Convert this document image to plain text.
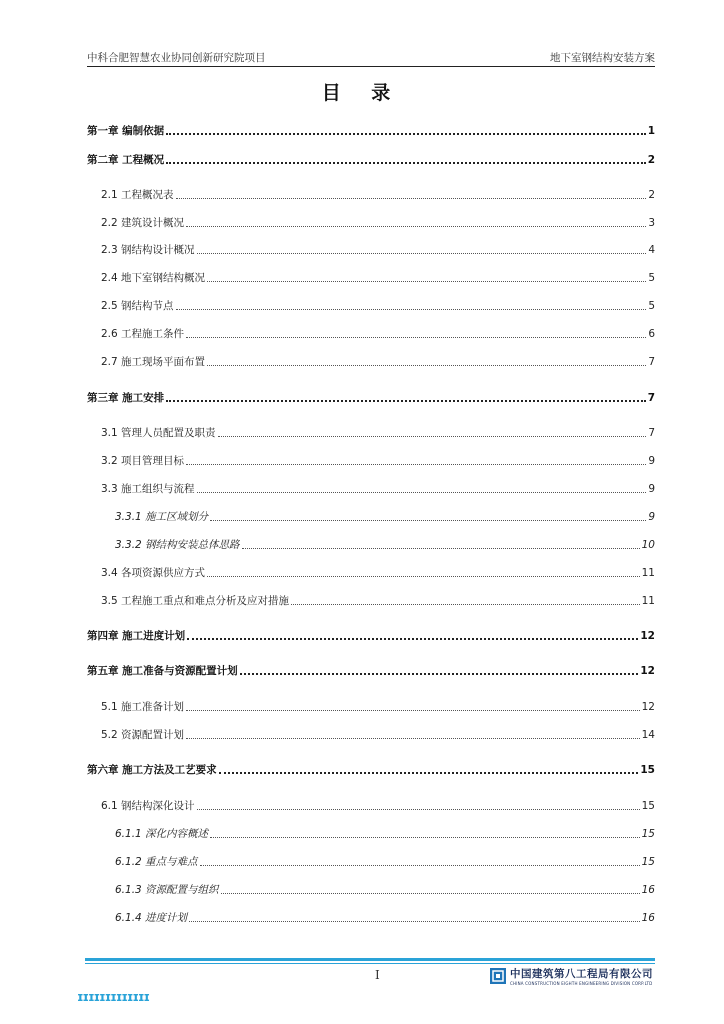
中科合肥智慧农业协同创新研究院项目	地下室钢结构安装方案
目 录
第一章 编制依据	1
第二章 工程概况	2
2.1 工程概况表	2
2.2 建筑设计概况	3
2.3 钢结构设计概况	4
2.4 地下室钢结构概况	5
2.5 钢结构节点	5
2.6 工程施工条件	6
2.7 施工现场平面布置	7
第三章 施工安排	7
3.1 管理人员配置及职责	7
3.2 项目管理目标	9
3.3 施工组织与流程	9
3.3.1 施工区域划分	9
3.3.2 钢结构安装总体思路	10
3.4 各项资源供应方式	11
3.5 工程施工重点和难点分析及应对措施	11
第四章 施工进度计划	12
第五章 施工准备与资源配置计划	12
5.1 施工准备计划	12
5.2 资源配置计划	14
第六章 施工方法及工艺要求	15
6.1 钢结构深化设计	15
6.1.1 深化内容概述	15
6.1.2 重点与难点	15
6.1.3 资源配置与组织	16
6.1.4 进度计划	16
I	中国建筑第八工程局有限公司
CHINA CONSTRUCTION EIGHTH ENGINEERING DIVISION CORP.LTD
ɪɪɪɪɪɪɪɪɪɪɪɪɪ
